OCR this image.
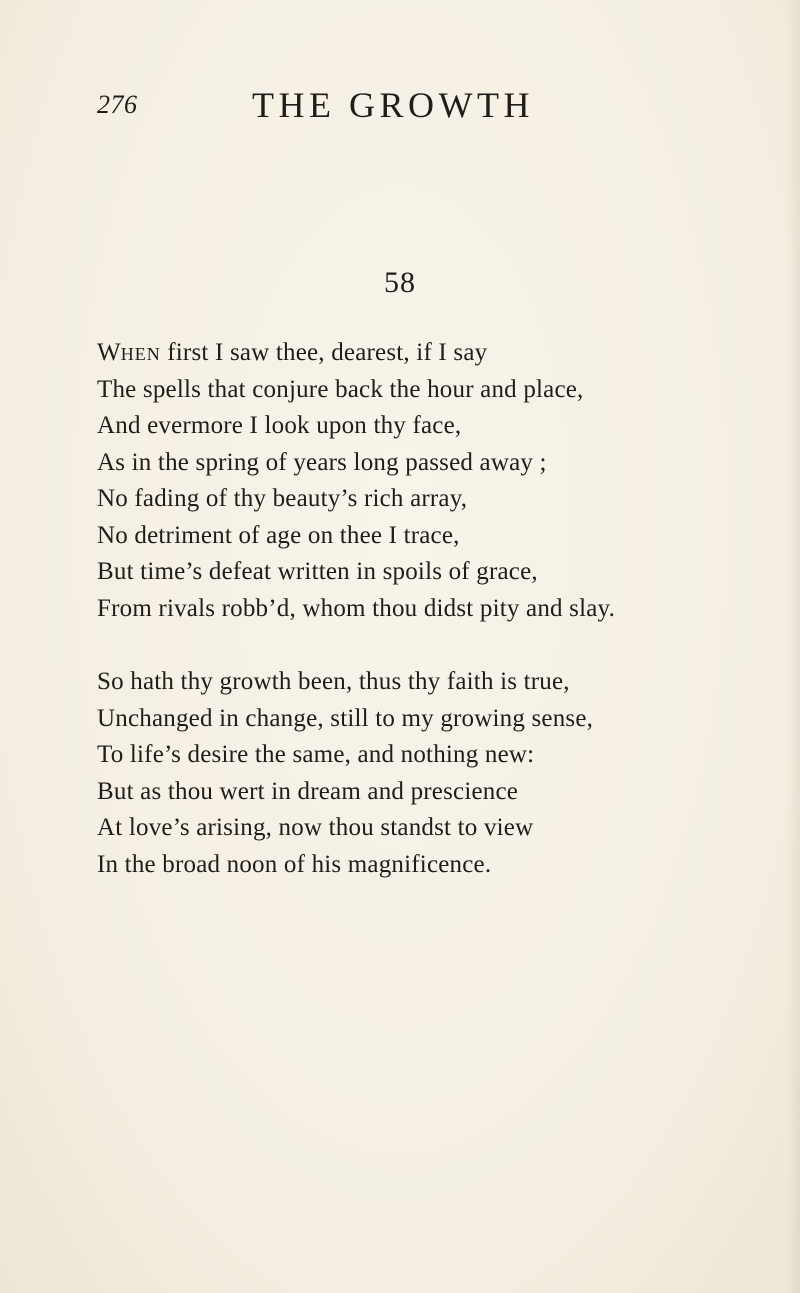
276	THE GROWTH
58
WHEN first I saw thee, dearest, if I say
The spells that conjure back the hour and place,
And evermore I look upon thy face,
As in the spring of years long passed away ;
No fading of thy beauty’s rich array,
No detriment of age on thee I trace,
But time’s defeat written in spoils of grace,
From rivals robb’d, whom thou didst pity and slay.
So hath thy growth been, thus thy faith is true,
Unchanged in change, still to my growing sense,
To life’s desire the same, and nothing new:
But as thou wert in dream and prescience
At love’s arising, now thou standst to view
In the broad noon of his magnificence.
